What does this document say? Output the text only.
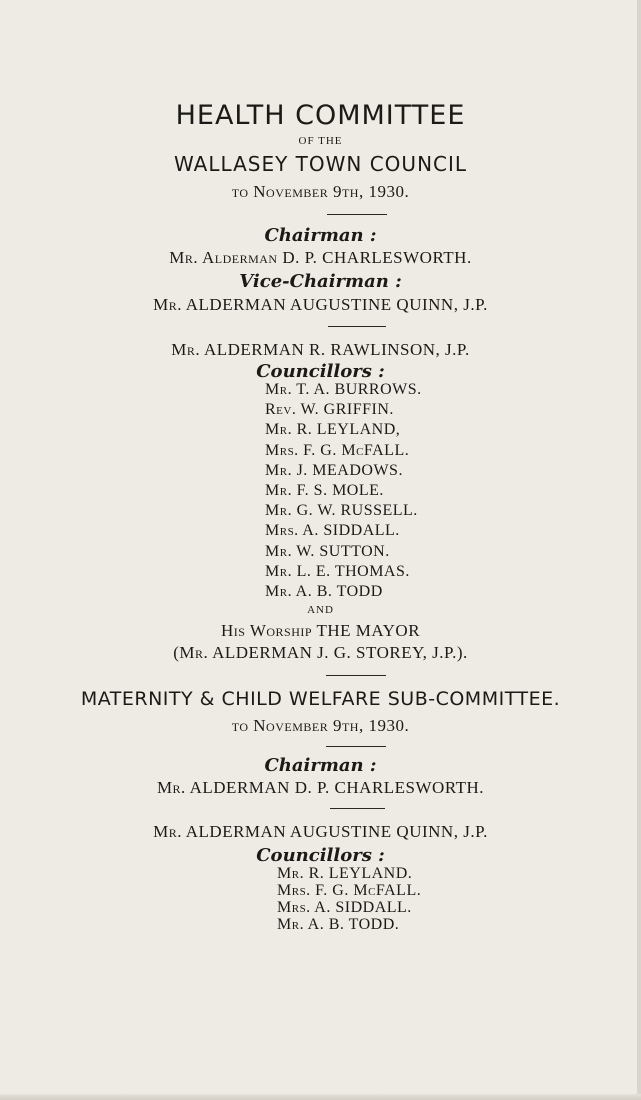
HEALTH COMMITTEE
OF THE
WALLASEY TOWN COUNCIL
to November 9th, 1930.
Chairman :
Mr. Alderman D. P. CHARLESWORTH.
Vice-Chairman :
Mr. ALDERMAN AUGUSTINE QUINN, J.P.
Mr. ALDERMAN R. RAWLINSON, J.P.
Councillors :
Mr. T. A. BURROWS.
Rev. W. GRIFFIN.
Mr. R. LEYLAND,
Mrs. F. G. McFALL.
Mr. J. MEADOWS.
Mr. F. S. MOLE.
Mr. G. W. RUSSELL.
Mrs. A. SIDDALL.
Mr. W. SUTTON.
Mr. L. E. THOMAS.
Mr. A. B. TODD
AND
His Worship THE MAYOR
(Mr. ALDERMAN J. G. STOREY, J.P.).
MATERNITY & CHILD WELFARE SUB-COMMITTEE.
to November 9th, 1930.
Chairman :
Mr. ALDERMAN D. P. CHARLESWORTH.
Mr. ALDERMAN AUGUSTINE QUINN, J.P.
Councillors :
Mr. R. LEYLAND.
Mrs. F. G. McFALL.
Mrs. A. SIDDALL.
Mr. A. B. TODD.
